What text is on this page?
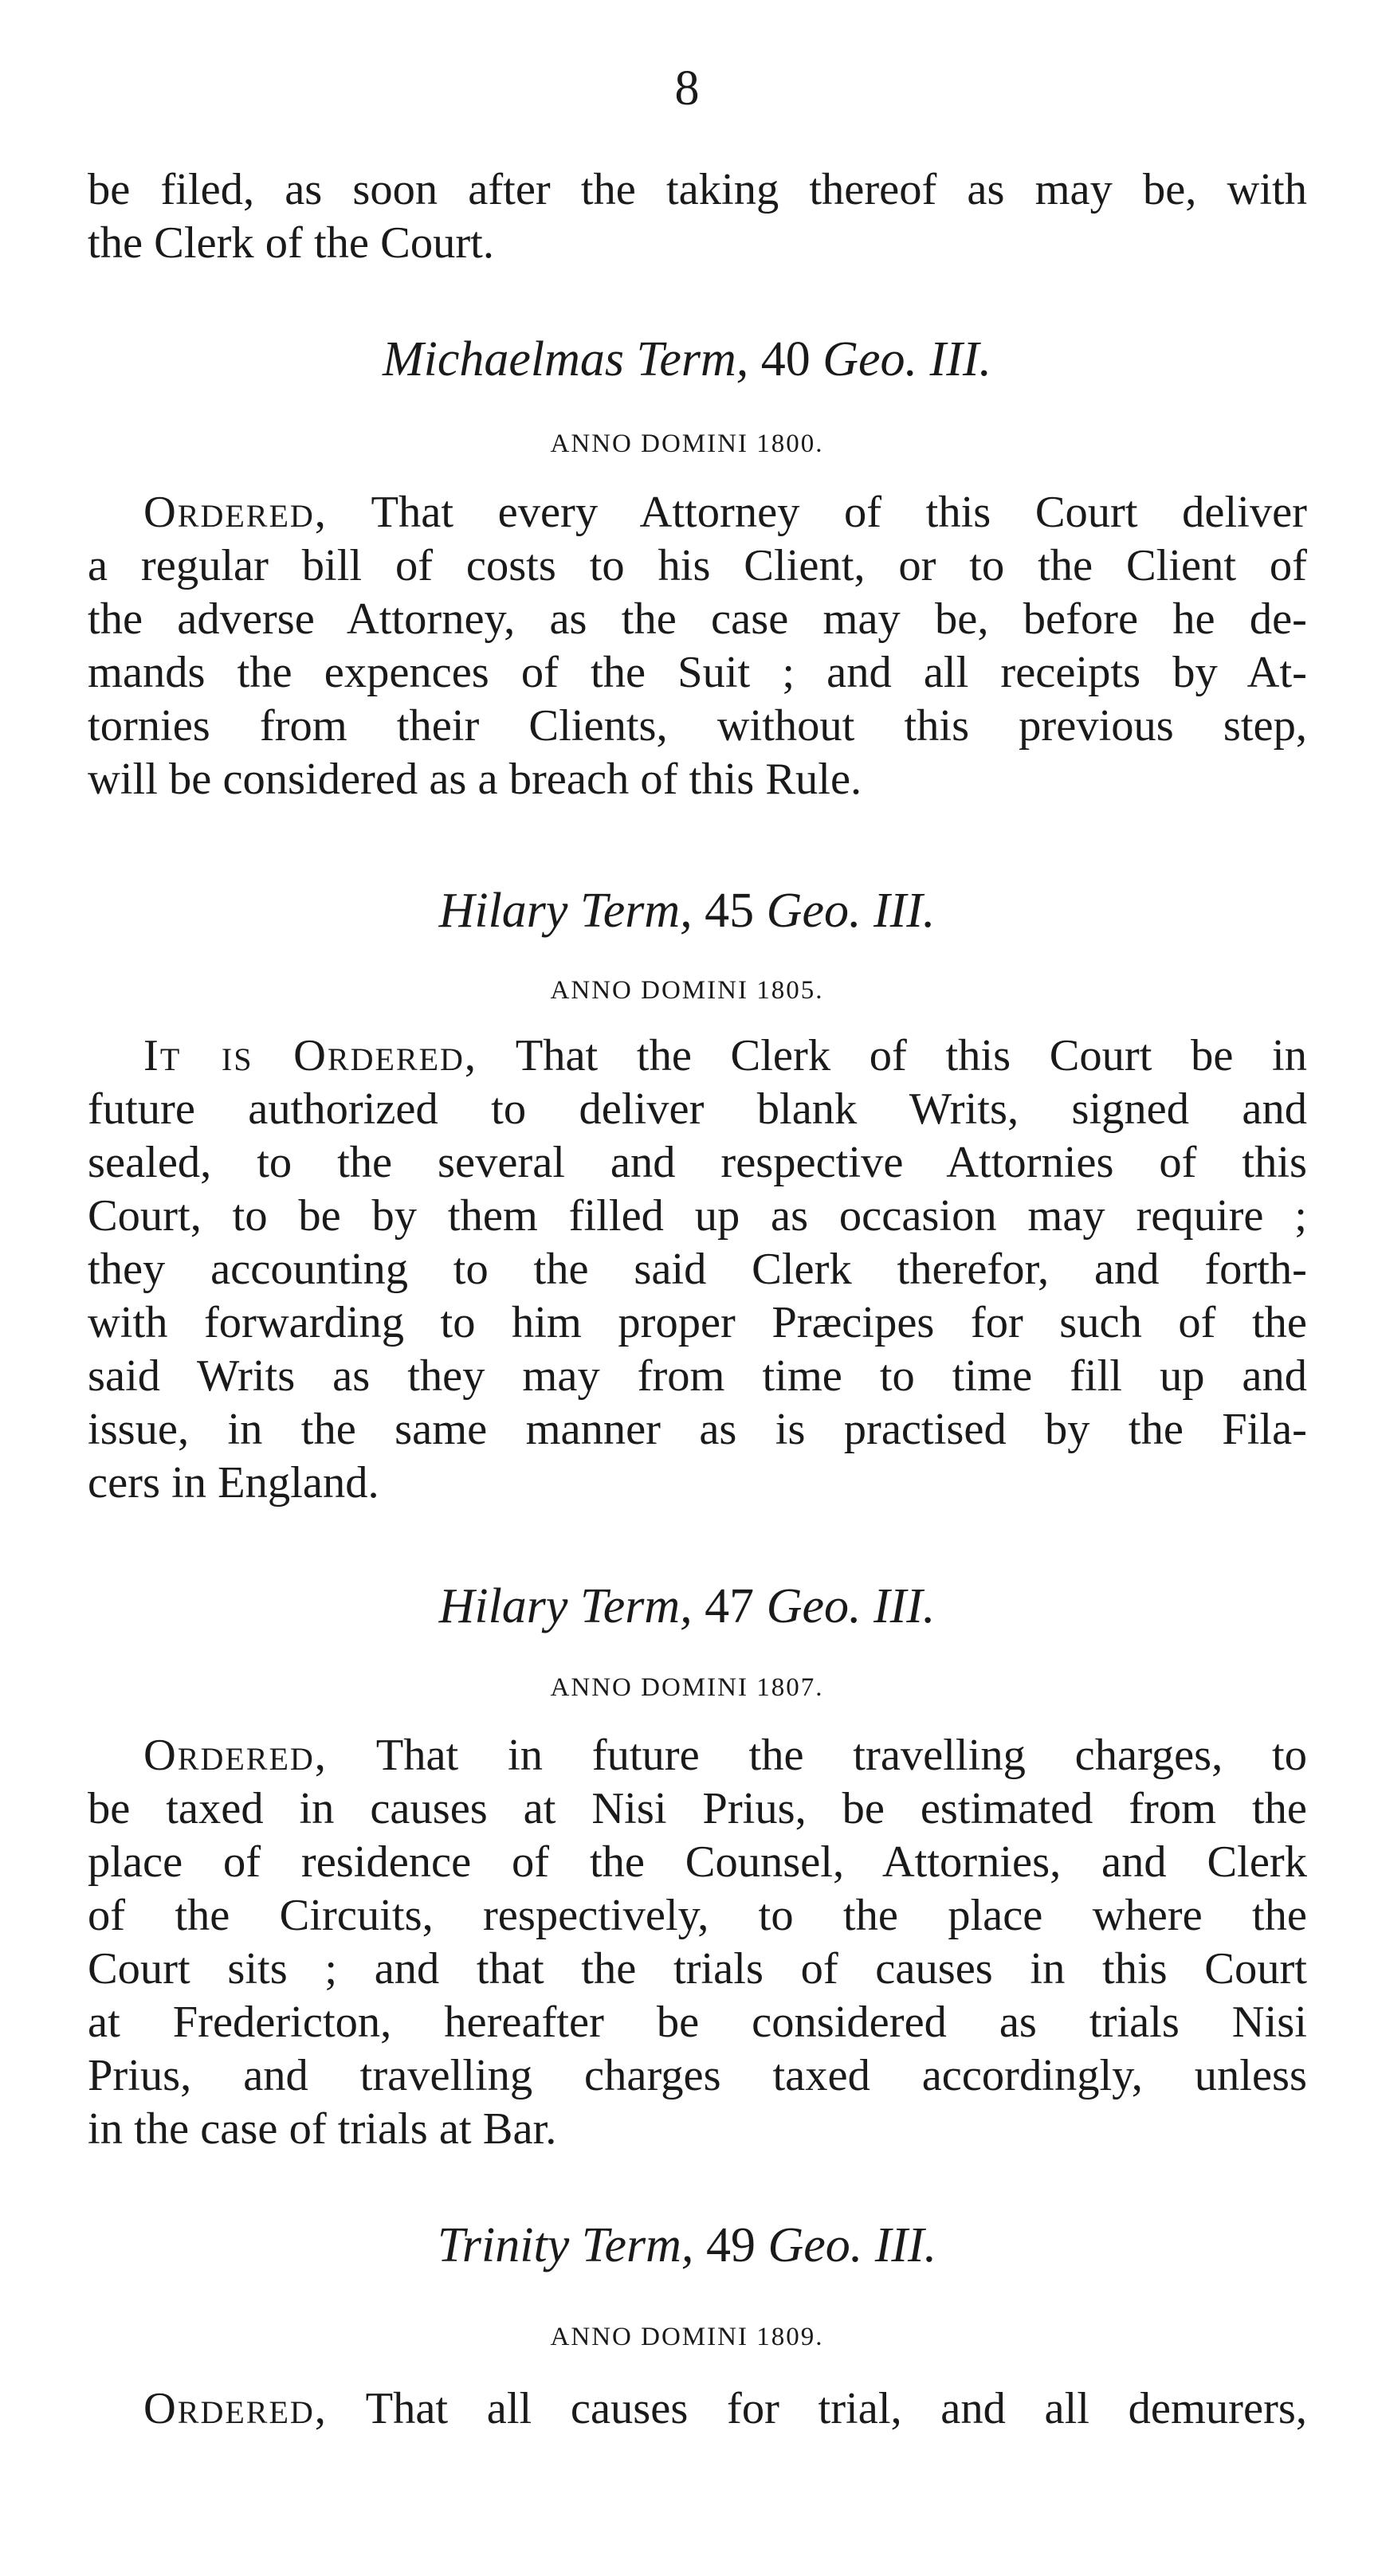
8
be filed, as soon after the taking thereof as may be, with
the Clerk of the Court.
Michaelmas Term, 40 Geo. III.
ANNO DOMINI 1800.
Ordered, That every Attorney of this Court deliver
a regular bill of costs to his Client, or to the Client of
the adverse Attorney, as the case may be, before he de-
mands the expences of the Suit ; and all receipts by At-
tornies from their Clients, without this previous step,
will be considered as a breach of this Rule.
Hilary Term, 45 Geo. III.
ANNO DOMINI 1805.
It is Ordered, That the Clerk of this Court be in
future authorized to deliver blank Writs, signed and
sealed, to the several and respective Attornies of this
Court, to be by them filled up as occasion may require ;
they accounting to the said Clerk therefor, and forth-
with forwarding to him proper Præcipes for such of the
said Writs as they may from time to time fill up and
issue, in the same manner as is practised by the Fila-
cers in England.
Hilary Term, 47 Geo. III.
ANNO DOMINI 1807.
Ordered, That in future the travelling charges, to
be taxed in causes at Nisi Prius, be estimated from the
place of residence of the Counsel, Attornies, and Clerk
of the Circuits, respectively, to the place where the
Court sits ; and that the trials of causes in this Court
at Fredericton, hereafter be considered as trials Nisi
Prius, and travelling charges taxed accordingly, unless
in the case of trials at Bar.
Trinity Term, 49 Geo. III.
ANNO DOMINI 1809.
Ordered, That all causes for trial, and all demurers,
